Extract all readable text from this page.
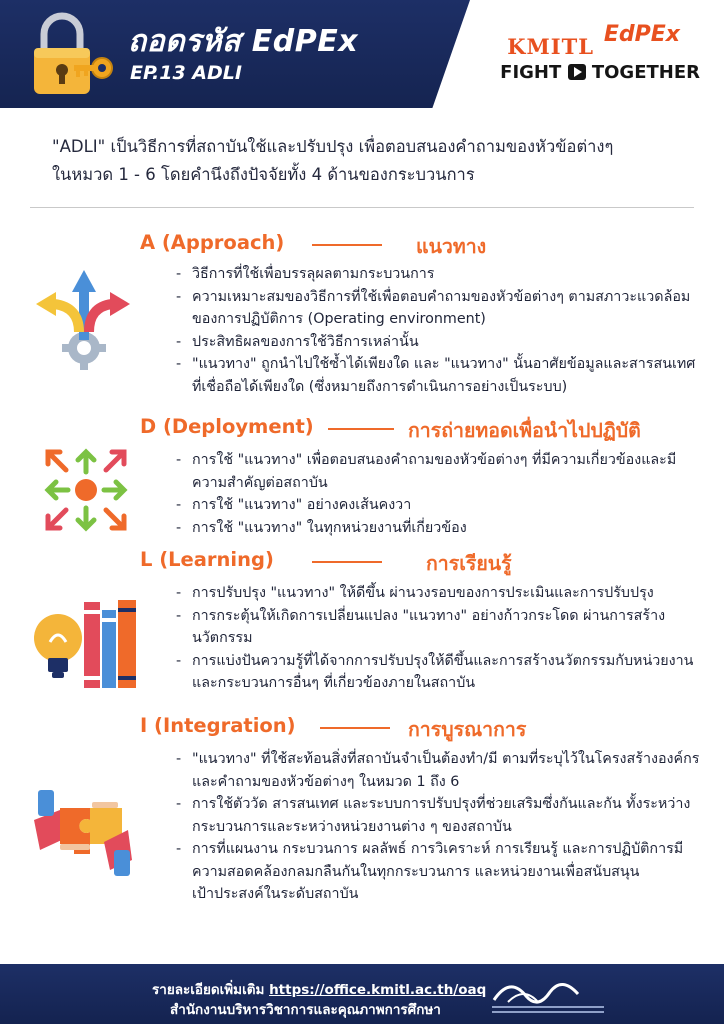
ถอดรหัส EdPEx
EP.13 ADLI
KMITL EdPEx
FIGHT TOGETHER
"ADLI" เป็นวิธีการที่สถาบันใช้และปรับปรุง เพื่อตอบสนองคำถามของหัวข้อต่างๆ
ในหมวด 1 - 6 โดยคำนึงถึงปัจจัยทั้ง 4 ด้านของกระบวนการ
A (Approach)	แนวทาง
- วิธีการที่ใช้เพื่อบรรลุผลตามกระบวนการ
- ความเหมาะสมของวิธีการที่ใช้เพื่อตอบคำถามของหัวข้อต่างๆ ตามสภาวะแวดล้อมของการปฏิบัติการ (Operating environment)
- ประสิทธิผลของการใช้วิธีการเหล่านั้น
- "แนวทาง" ถูกนำไปใช้ซ้ำได้เพียงใด และ "แนวทาง" นั้นอาศัยข้อมูลและสารสนเทศที่เชื่อถือได้เพียงใด (ซึ่งหมายถึงการดำเนินการอย่างเป็นระบบ)
D (Deployment)	การถ่ายทอดเพื่อนำไปปฏิบัติ
- การใช้ "แนวทาง" เพื่อตอบสนองคำถามของหัวข้อต่างๆ ที่มีความเกี่ยวข้องและมีความสำคัญต่อสถาบัน
- การใช้ "แนวทาง" อย่างคงเส้นคงวา
- การใช้ "แนวทาง" ในทุกหน่วยงานที่เกี่ยวข้อง
L (Learning)	การเรียนรู้
- การปรับปรุง "แนวทาง" ให้ดีขึ้น ผ่านวงรอบของการประเมินและการปรับปรุง
- การกระตุ้นให้เกิดการเปลี่ยนแปลง "แนวทาง" อย่างก้าวกระโดด ผ่านการสร้างนวัตกรรม
- การแบ่งปันความรู้ที่ได้จากการปรับปรุงให้ดีขึ้นและการสร้างนวัตกรรมกับหน่วยงานและกระบวนการอื่นๆ ที่เกี่ยวข้องภายในสถาบัน
I (Integration)	การบูรณาการ
- "แนวทาง" ที่ใช้สะท้อนสิ่งที่สถาบันจำเป็นต้องทำ/มี ตามที่ระบุไว้ในโครงสร้างองค์กรและคำถามของหัวข้อต่างๆ ในหมวด 1 ถึง 6
- การใช้ตัววัด สารสนเทศ และระบบการปรับปรุงที่ช่วยเสริมซึ่งกันและกัน ทั้งระหว่างกระบวนการและระหว่างหน่วยงานต่าง ๆ ของสถาบัน
- การที่แผนงาน กระบวนการ ผลลัพธ์ การวิเคราะห์ การเรียนรู้ และการปฏิบัติการมีความสอดคล้องกลมกลืนกันในทุกกระบวนการ และหน่วยงานเพื่อสนับสนุนเป้าประสงค์ในระดับสถาบัน
รายละเอียดเพิ่มเติม https://office.kmitl.ac.th/oaq
สำนักงานบริหารวิชาการและคุณภาพการศึกษา
